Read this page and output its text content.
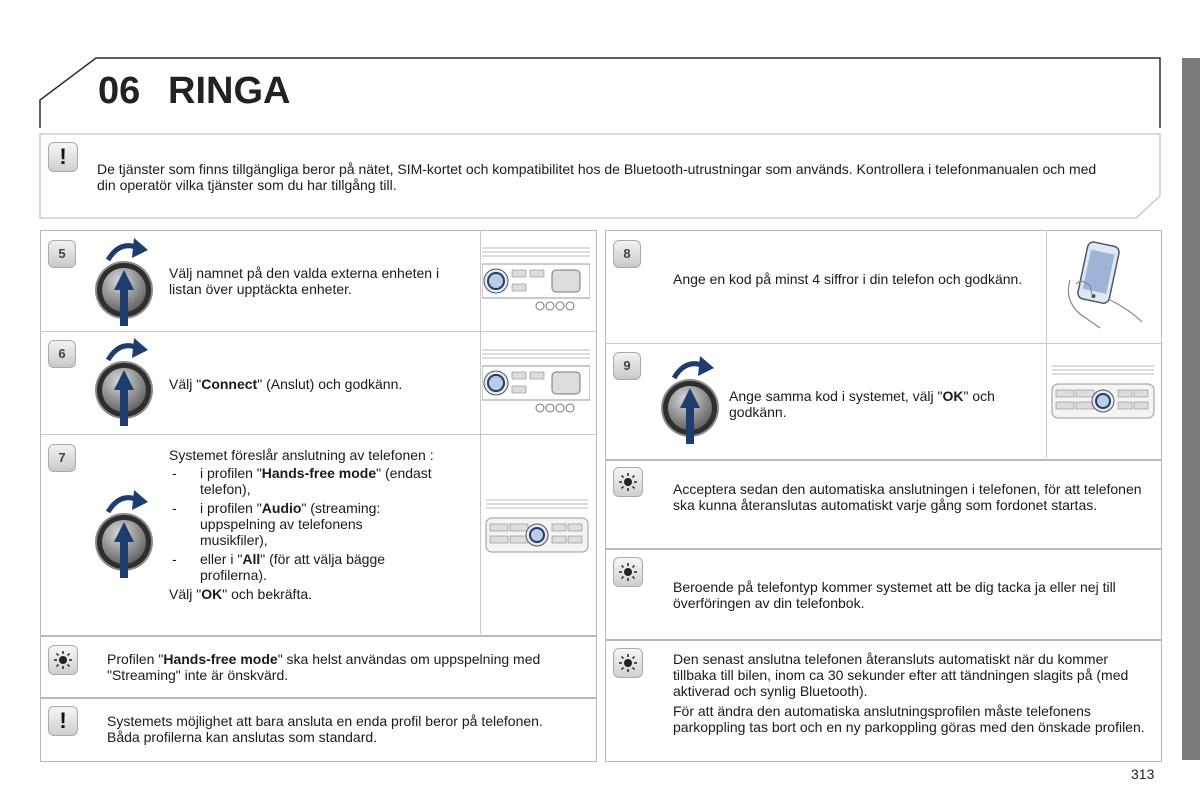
06 RINGA
!	De tjänster som finns tillgängliga beror på nätet, SIM-kortet och kompatibilitet hos de Bluetooth-utrustningar som används. Kontrollera i telefonmanualen och med din operatör vilka tjänster som du har tillgång till.
5
Välj namnet på den valda externa enheten i listan över upptäckta enheter.
6
Välj "Connect" (Anslut) och godkänn.
7	Systemet föreslår anslutning av telefonen :
- i profilen "Hands-free mode" (endast telefon),
- i profilen "Audio" (streaming: uppspelning av telefonens musikfiler),
- eller i "All" (för att välja bägge profilerna).
Välj "OK" och bekräfta.
Profilen "Hands-free mode" ska helst användas om uppspelning med "Streaming" inte är önskvärd.
!	Systemets möjlighet att bara ansluta en enda profil beror på telefonen. Båda profilerna kan anslutas som standard.
8
Ange en kod på minst 4 siffror i din telefon och godkänn.
9
Ange samma kod i systemet, välj "OK" och godkänn.
Acceptera sedan den automatiska anslutningen i telefonen, för att telefonen ska kunna återanslutas automatiskt varje gång som fordonet startas.
Beroende på telefontyp kommer systemet att be dig tacka ja eller nej till överföringen av din telefonbok.
Den senast anslutna telefonen återansluts automatiskt när du kommer tillbaka till bilen, inom ca 30 sekunder efter att tändningen slagits på (med aktiverad och synlig Bluetooth).
För att ändra den automatiska anslutningsprofilen måste telefonens parkoppling tas bort och en ny parkoppling göras med den önskade profilen.
313
